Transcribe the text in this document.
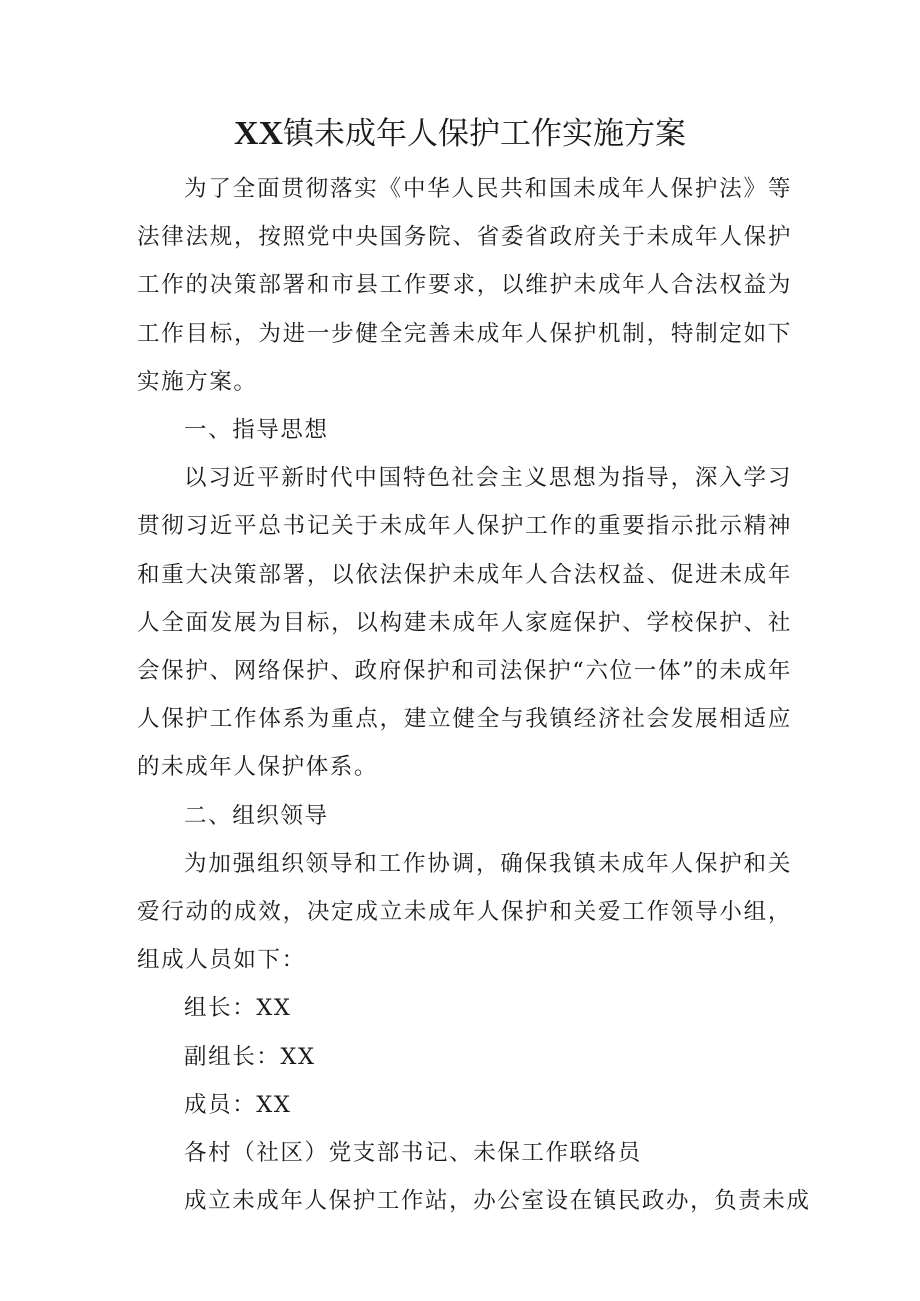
XX镇未成年人保护工作实施方案

为了全面贯彻落实《中华人民共和国未成年人保护法》等法律法规，按照党中央国务院、省委省政府关于未成年人保护工作的决策部署和市县工作要求，以维护未成年人合法权益为工作目标，为进一步健全完善未成年人保护机制，特制定如下实施方案。

一、指导思想

以习近平新时代中国特色社会主义思想为指导，深入学习贯彻习近平总书记关于未成年人保护工作的重要指示批示精神和重大决策部署，以依法保护未成年人合法权益、促进未成年人全面发展为目标，以构建未成年人家庭保护、学校保护、社会保护、网络保护、政府保护和司法保护“六位一体”的未成年人保护工作体系为重点，建立健全与我镇经济社会发展相适应的未成年人保护体系。

二、组织领导

为加强组织领导和工作协调，确保我镇未成年人保护和关爱行动的成效，决定成立未成年人保护和关爱工作领导小组，组成人员如下：

组长：XX

副组长：XX

成员：XX

各村（社区）党支部书记、未保工作联络员

成立未成年人保护工作站，办公室设在镇民政办，负责未成
